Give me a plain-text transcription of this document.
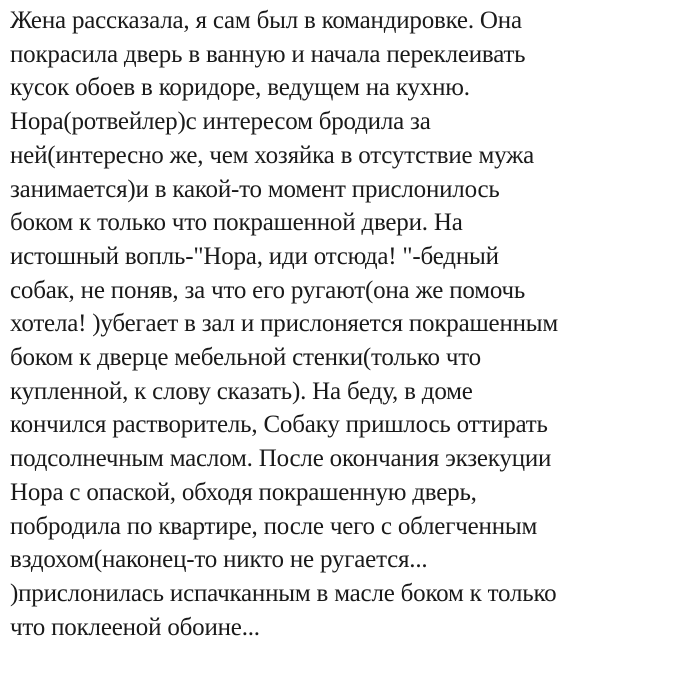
Жена рассказала, я сам был в командировке. Она
покрасила дверь в ванную и начала переклеивать
кусок обоев в коридоре, ведущем на кухню.
Нора(ротвейлер)с интересом бродила за
ней(интересно же, чем хозяйка в отсутствие мужа
занимается)и в какой-то момент прислонилось
боком к только что покрашенной двери. На
истошный вопль-"Нора, иди отсюда! "-бедный
собак, не поняв, за что его ругают(она же помочь
хотела! )убегает в зал и прислоняется покрашенным
боком к дверце мебельной стенки(только что
купленной, к слову сказать). На беду, в доме
кончился растворитель, Собаку пришлось оттирать
подсолнечным маслом. После окончания экзекуции
Нора с опаской, обходя покрашенную дверь,
побродила по квартире, после чего с облегченным
вздохом(наконец-то никто не ругается...
)прислонилась испачканным в масле боком к только
что поклееной обоине...
